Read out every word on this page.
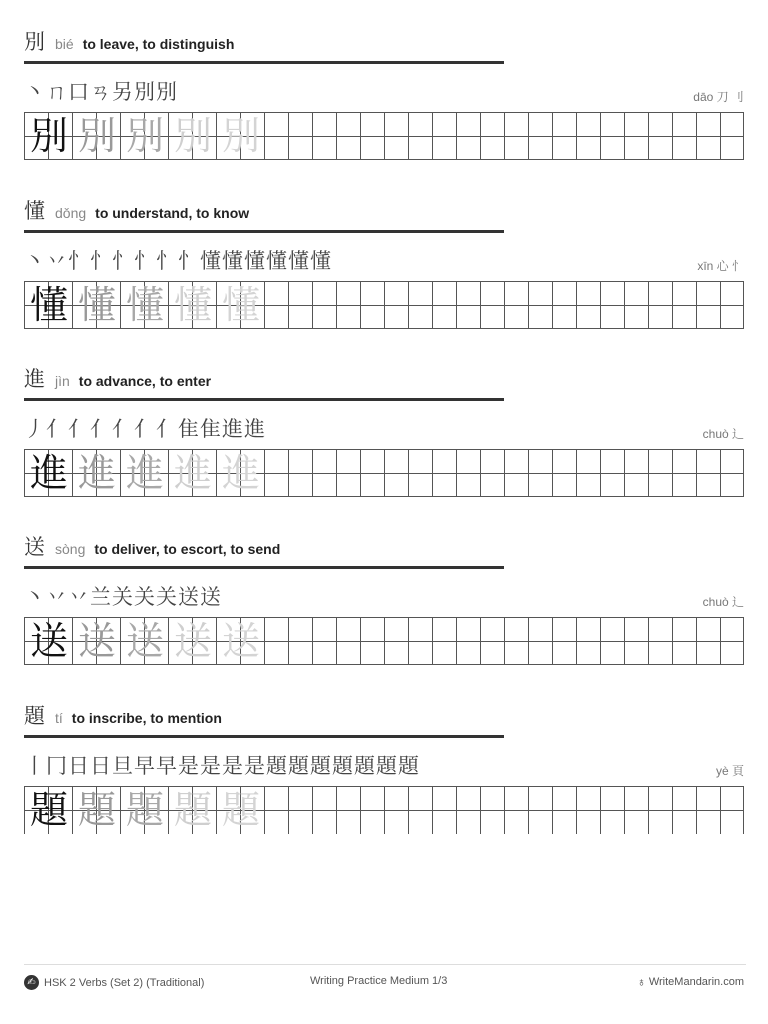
別 bié to leave, to distinguish
丶 ㄇ 口 ㄢ 另 別 別	dāo 刀 刂
別 別 別 別 別
懂 dǒng to understand, to know
丶 丷 忄 忄 忄 忄 忄 忄 懂 懂 懂 懂 懂 懂	xīn 心 忄
懂 懂 懂 懂 懂
進 jìn to advance, to enter
丿 亻 亻 亻 亻 亻 亻 隹 隹 進 進	chuò 辶
進 進 進 進 進
送 sòng to deliver, to escort, to send
丶 丷 丷 兰 关 关 关 送 送	chuò 辶
送 送 送 送 送
題 tí to inscribe, to mention
丨 冂 日 日 旦 早 早 是 是 是 是 題 題 題 題 題 題 題	yè 頁
題 題 題 題 題
✍ HSK 2 Verbs (Set 2) (Traditional)	Writing Practice Medium 1/3	♁ WriteMandarin.com
